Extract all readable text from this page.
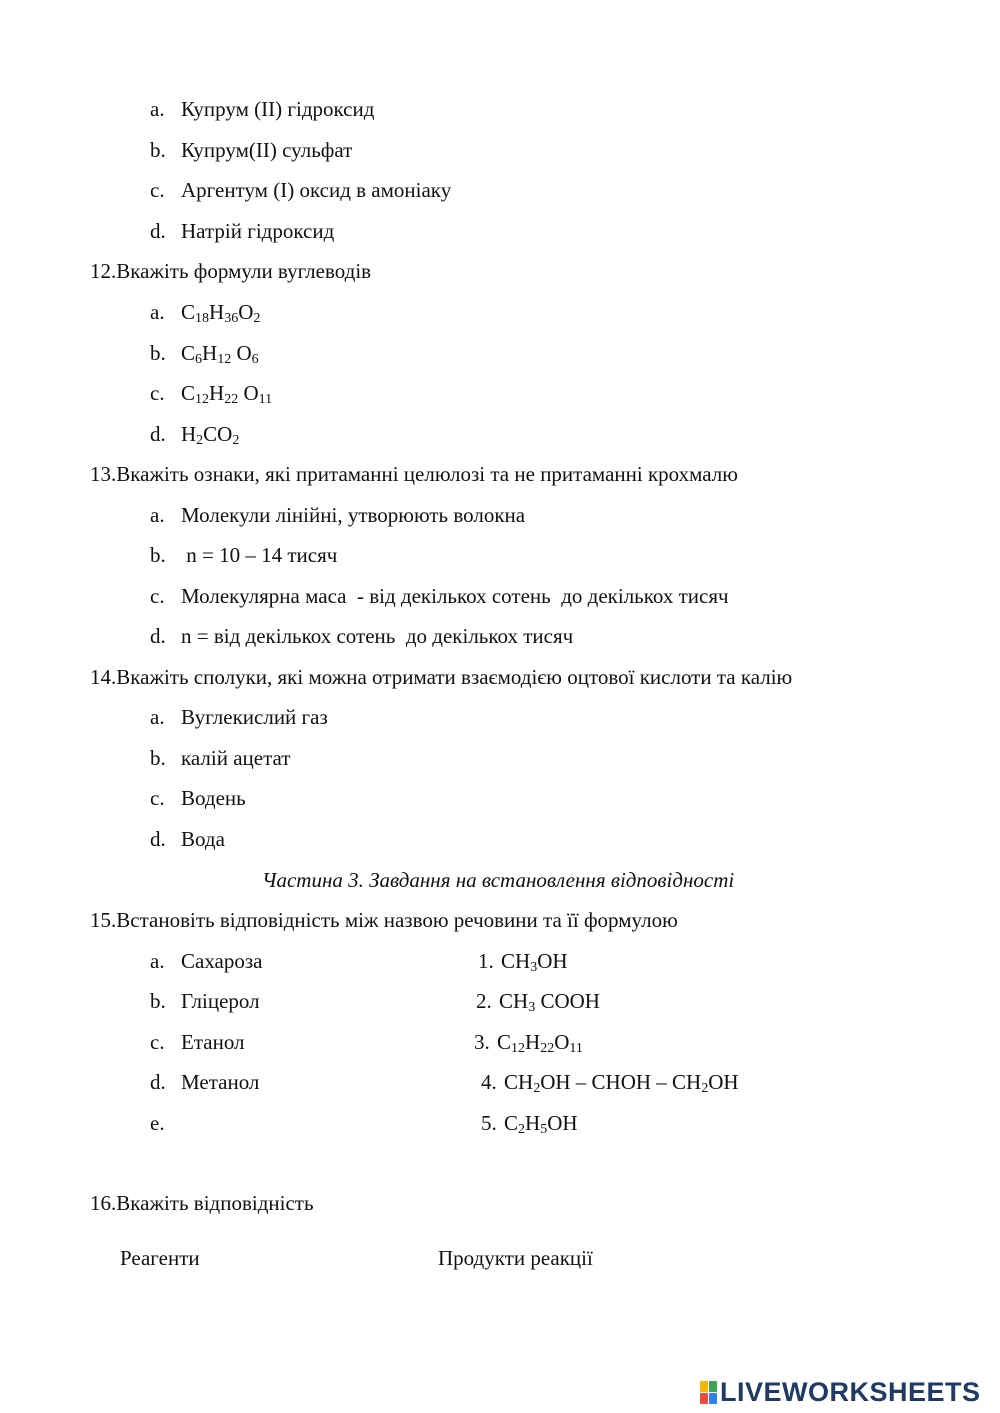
a. Купрум (II) гідроксид
b. Купрум(II) сульфат
c. Аргентум (I) оксид в амоніаку
d. Натрій гідроксид
12.Вкажіть формули вуглеводів
a. $C_{18}H_{36}O_2$
b. $C_6H_{12}$ $O_6$
c. $C_{12}H_{22}$ $O_{11}$
d. $H_2CO_2$
13.Вкажіть ознаки, які притаманні целюлозі та не притаманні крохмалю
a. Молекули лінійні, утворюють волокна
b. n = 10 – 14 тисяч
c. Молекулярна маса  - від декількох сотень  до декількох тисяч
d. n = від декількох сотень  до декількох тисяч
14.Вкажіть сполуки, які можна отримати взаємодією оцтової кислоти та калію
a. Вуглекислий газ
b. калій ацетат
c. Водень
d. Вода
Частина 3. Завдання на встановлення відповідності
15.Встановіть відповідність між назвою речовини та її формулою
a. Сахароза	1. $CH_3OH$
b. Гліцерол	2. $CH_3$ COOH
c. Етанол	3. $C_{12}H_{22}O_{11}$
d. Метанол	4. $CH_2OH$ – CHOH – $CH_2OH$
e.	5. $C_2H_5OH$
16.Вкажіть відповідність
Реагенти	Продукти реакції
LIVEWORKSHEETS
